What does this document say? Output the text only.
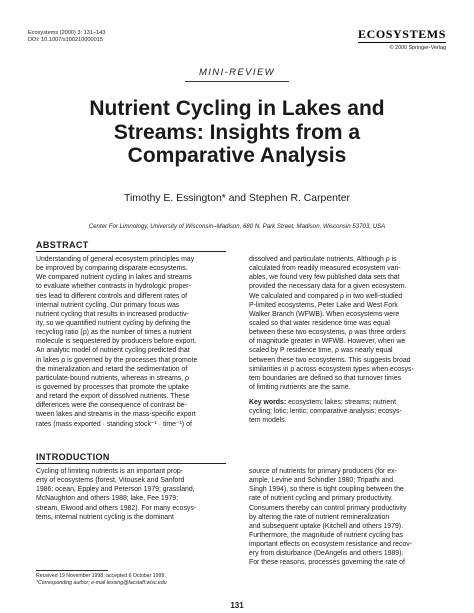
Ecosystems (2000) 3: 131–143
DOI: 10.1007/s100210000015	ECOSYSTEMS
© 2000 Springer-Verlag
MINI-REVIEW
Nutrient Cycling in Lakes and
Streams: Insights from a
Comparative Analysis
Timothy E. Essington* and Stephen R. Carpenter
Center For Limnology, University of Wisconsin–Madison, 680 N. Park Street, Madison, Wisconsin 53703, USA
ABSTRACT
Understanding of general ecosystem principles may
be improved by comparing disparate ecosystems.
We compared nutrient cycling in lakes and streams
to evaluate whether contrasts in hydrologic proper-
ties lead to different controls and different rates of
internal nutrient cycling. Our primary focus was
nutrient cycling that results in increased productiv-
ity, so we quantified nutrient cycling by defining the
recycling ratio (ρ) as the number of times a nutrient
molecule is sequestered by producers before export.
An analytic model of nutrient cycling predicted that
in lakes ρ is governed by the processes that promote
the mineralization and retard the sedimentation of
particulate-bound nutrients, whereas in streams, ρ
is governed by processes that promote the uptake
and retard the export of dissolved nutrients. These
differences were the consequence of contrast be-
tween lakes and streams in the mass-specific export
rates (mass exported · standing stock⁻¹ · time⁻¹) of
dissolved and particulate nutrients. Although ρ is
calculated from readily measured ecosystem vari-
ables, we found very few published data sets that
provided the necessary data for a given ecosystem.
We calculated and compared ρ in two well-studied
P-limited ecosystems, Peter Lake and West Fork
Walker Branch (WFWB). When ecosystems were
scaled so that water residence time was equal
between these two ecosystems, ρ was three orders
of magnitude greater in WFWB. However, when we
scaled by P residence time, ρ was nearly equal
between these two ecosystems. This suggests broad
similarities in ρ across ecosystem types when ecosys-
tem boundaries are defined so that turnover times
of limiting nutrients are the same.
Key words: ecosystem; lakes; streams; nutrient
cycling; lotic; lentic; comparative analysis; ecosys-
tem models.
INTRODUCTION
Cycling of limiting nutrients is an important prop-
erty of ecosystems (forest, Vitousek and Sanford
1986; ocean, Eppley and Peterson 1979; grassland,
McNaughton and others 1988; lake, Fee 1979;
stream, Elwood and others 1982). For many ecosys-
tems, internal nutrient cycling is the dominant
source of nutrients for primary producers (for ex-
ample, Levine and Schindler 1980; Tripathi and
Singh 1994), so there is tight coupling between the
rate of nutrient cycling and primary productivity.
Consumers thereby can control primary productivity
by altering the rate of nutrient remineralization
and subsequent uptake (Kitchell and others 1979).
Furthermore, the magnitude of nutrient cycling has
important effects on ecosystem resistance and recov-
ery from disturbance (DeAngelis and others 1989).
For these reasons, processes governing the rate of
Received 19 November 1998; accepted 6 October 1999.
*Corresponding author; e-mail tessing@facstaff.wisc.edu
131
